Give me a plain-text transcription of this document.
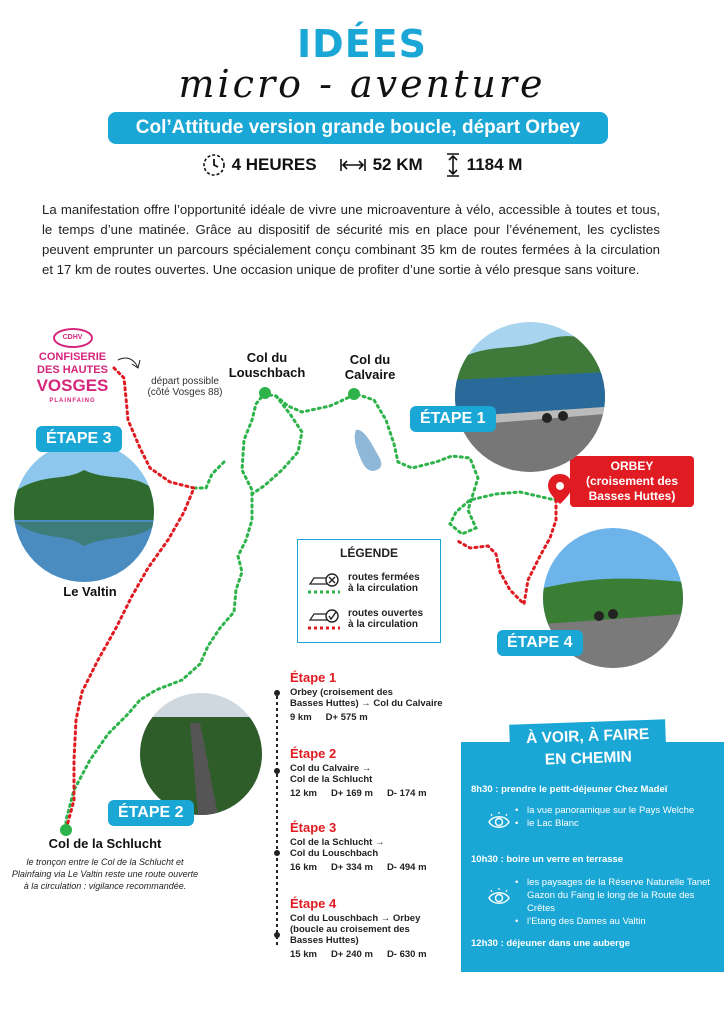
IDÉES
micro - aventure
Col’Attitude version grande boucle, départ Orbey
4 HEURES	52 KM	1184 M

La manifestation offre l’opportunité idéale de vivre une microaventure à vélo, accessible à toutes et tous, le temps d’une matinée. Grâce au dispositif de sécurité mis en place pour l’événement, les cyclistes peuvent emprunter un parcours spécialement conçu combinant 35 km de routes fermées à la circulation et 17 km de routes ouvertes. Une occasion unique de profiter d’une sortie à vélo presque sans voiture.

CDHV
CONFISERIE
DES HAUTES
VOSGES
PLAINFAING
départ possible
(côté Vosges 88)
Col du
Louschbach
Col du
Calvaire
Le Valtin
Col de la Schlucht
ORBEY
(croisement des
Basses Huttes)
ÉTAPE 3
ÉTAPE 1
ÉTAPE 4
ÉTAPE 2
LÉGENDE
routes fermées
à la circulation
routes ouvertes
à la circulation
Étape 1
Orbey (croisement des
Basses Huttes) → Col du Calvaire
9 km D+ 575 m
Étape 2
Col du Calvaire →
Col de la Schlucht
12 km D+ 169 m D- 174 m
Étape 3
Col de la Schlucht →
Col du Louschbach
16 km D+ 334 m D- 494 m
Étape 4
Col du Louschbach → Orbey
(boucle au croisement des
Basses Huttes)
15 km D+ 240 m D- 630 m
8h30 : prendre le petit-déjeuner Chez Madeï
• la vue panoramique sur le Pays Welche
• le Lac Blanc
10h30 : boire un verre en terrasse
• les paysages de la Réserve Naturelle Tanet Gazon du Faing le long de la Route des Crêtes
• l’Etang des Dames au Valtin
12h30 : déjeuner dans une auberge
À VOIR, À FAIRE
EN CHEMIN
le tronçon entre le Col de la Schlucht et Plainfaing via Le Valtin reste une route ouverte à la circulation : vigilance recommandée.
